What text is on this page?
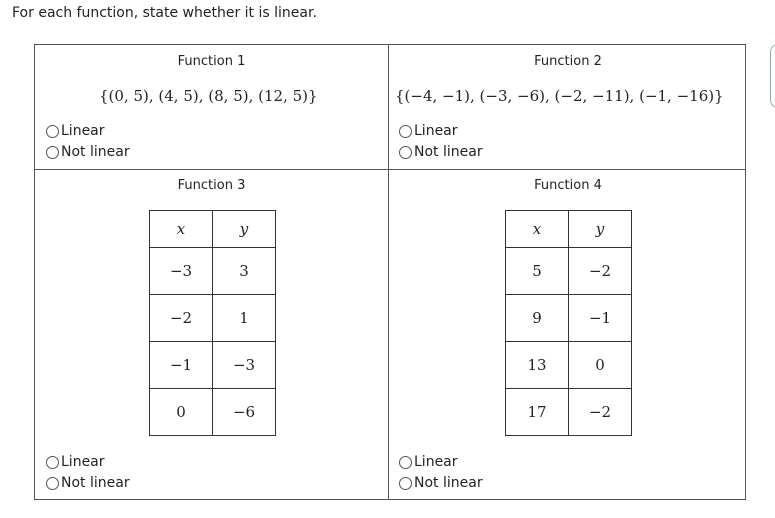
For each function, state whether it is linear.
Function 1
{(0, 5), (4, 5), (8, 5), (12, 5)}
Linear
Not linear
Function 2
{(−4, −1), (−3, −6), (−2, −11), (−1, −16)}
Linear
Not linear
Function 3
x	y
−3	3
−2	1
−1	−3
0	−6
Linear
Not linear
Function 4
x	y
5	−2
9	−1
13	0
17	−2
Linear
Not linear
